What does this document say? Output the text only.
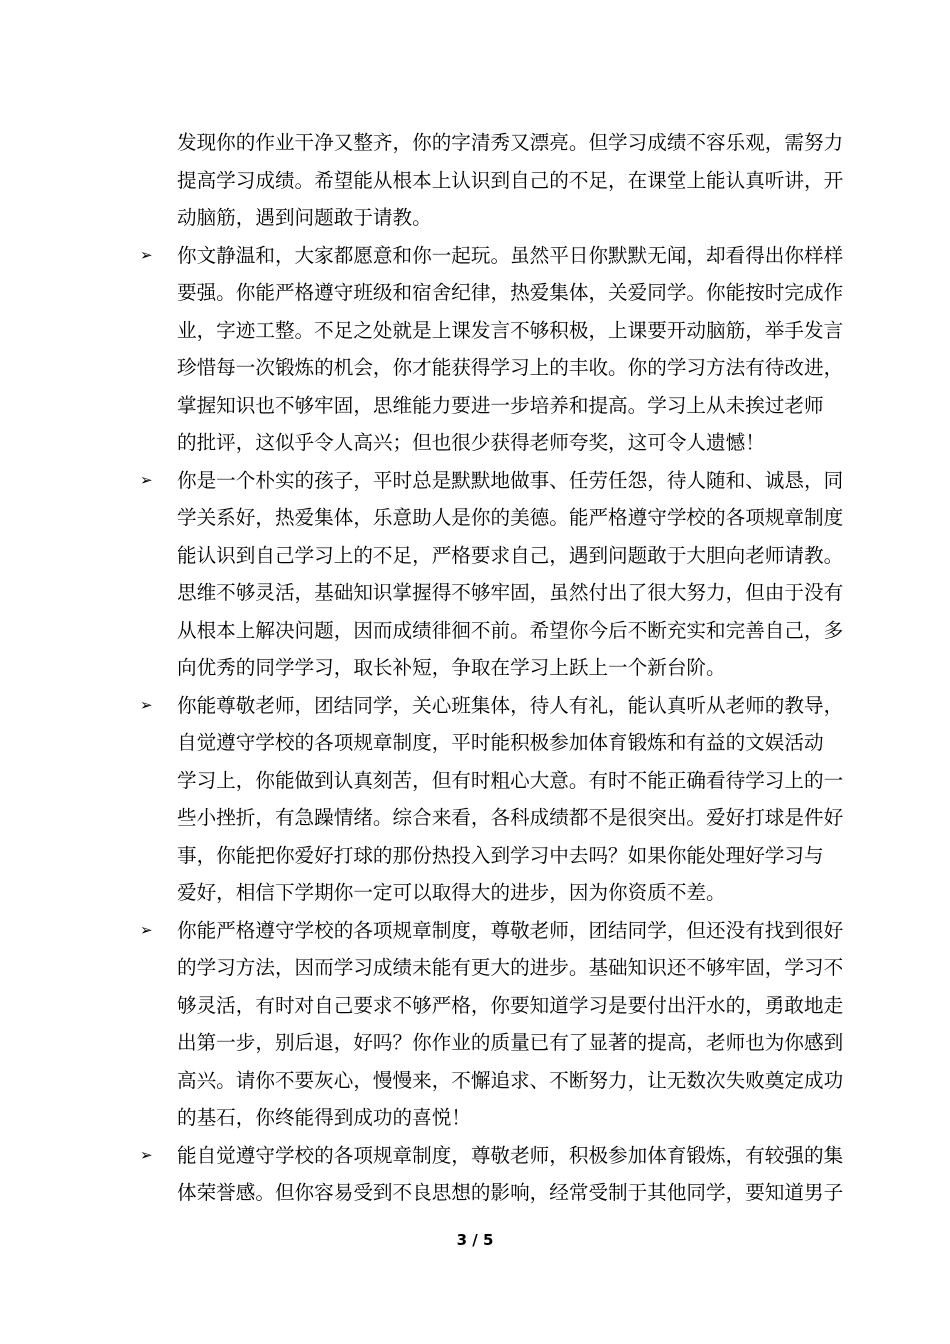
发现你的作业干净又整齐，你的字清秀又漂亮。但学习成绩不容乐观，需努力
提高学习成绩。希望能从根本上认识到自己的不足，在课堂上能认真听讲，开
动脑筋，遇到问题敢于请教。
➢ 你文静温和，大家都愿意和你一起玩。虽然平日你默默无闻，却看得出你样样
要强。你能严格遵守班级和宿舍纪律，热爱集体，关爱同学。你能按时完成作
业，字迹工整。不足之处就是上课发言不够积极，上课要开动脑筋，举手发言
珍惜每一次锻炼的机会，你才能获得学习上的丰收。你的学习方法有待改进，
掌握知识也不够牢固，思维能力要进一步培养和提高。学习上从未挨过老师
的批评，这似乎令人高兴；但也很少获得老师夸奖，这可令人遗憾！
➢ 你是一个朴实的孩子，平时总是默默地做事、任劳任怨，待人随和、诚恳，同
学关系好，热爱集体，乐意助人是你的美德。能严格遵守学校的各项规章制度
能认识到自己学习上的不足，严格要求自己，遇到问题敢于大胆向老师请教。
思维不够灵活，基础知识掌握得不够牢固，虽然付出了很大努力，但由于没有
从根本上解决问题，因而成绩徘徊不前。希望你今后不断充实和完善自己，多
向优秀的同学学习，取长补短，争取在学习上跃上一个新台阶。
➢ 你能尊敬老师，团结同学，关心班集体，待人有礼，能认真听从老师的教导，
自觉遵守学校的各项规章制度，平时能积极参加体育锻炼和有益的文娱活动
学习上，你能做到认真刻苦，但有时粗心大意。有时不能正确看待学习上的一
些小挫折，有急躁情绪。综合来看，各科成绩都不是很突出。爱好打球是件好
事，你能把你爱好打球的那份热投入到学习中去吗？如果你能处理好学习与
爱好，相信下学期你一定可以取得大的进步，因为你资质不差。
➢ 你能严格遵守学校的各项规章制度，尊敬老师，团结同学，但还没有找到很好
的学习方法，因而学习成绩未能有更大的进步。基础知识还不够牢固，学习不
够灵活，有时对自己要求不够严格，你要知道学习是要付出汗水的，勇敢地走
出第一步，别后退，好吗？你作业的质量已有了显著的提高，老师也为你感到
高兴。请你不要灰心，慢慢来，不懈追求、不断努力，让无数次失败奠定成功
的基石，你终能得到成功的喜悦！
➢ 能自觉遵守学校的各项规章制度，尊敬老师，积极参加体育锻炼，有较强的集
体荣誉感。但你容易受到不良思想的影响，经常受制于其他同学，要知道男子
3 / 5
